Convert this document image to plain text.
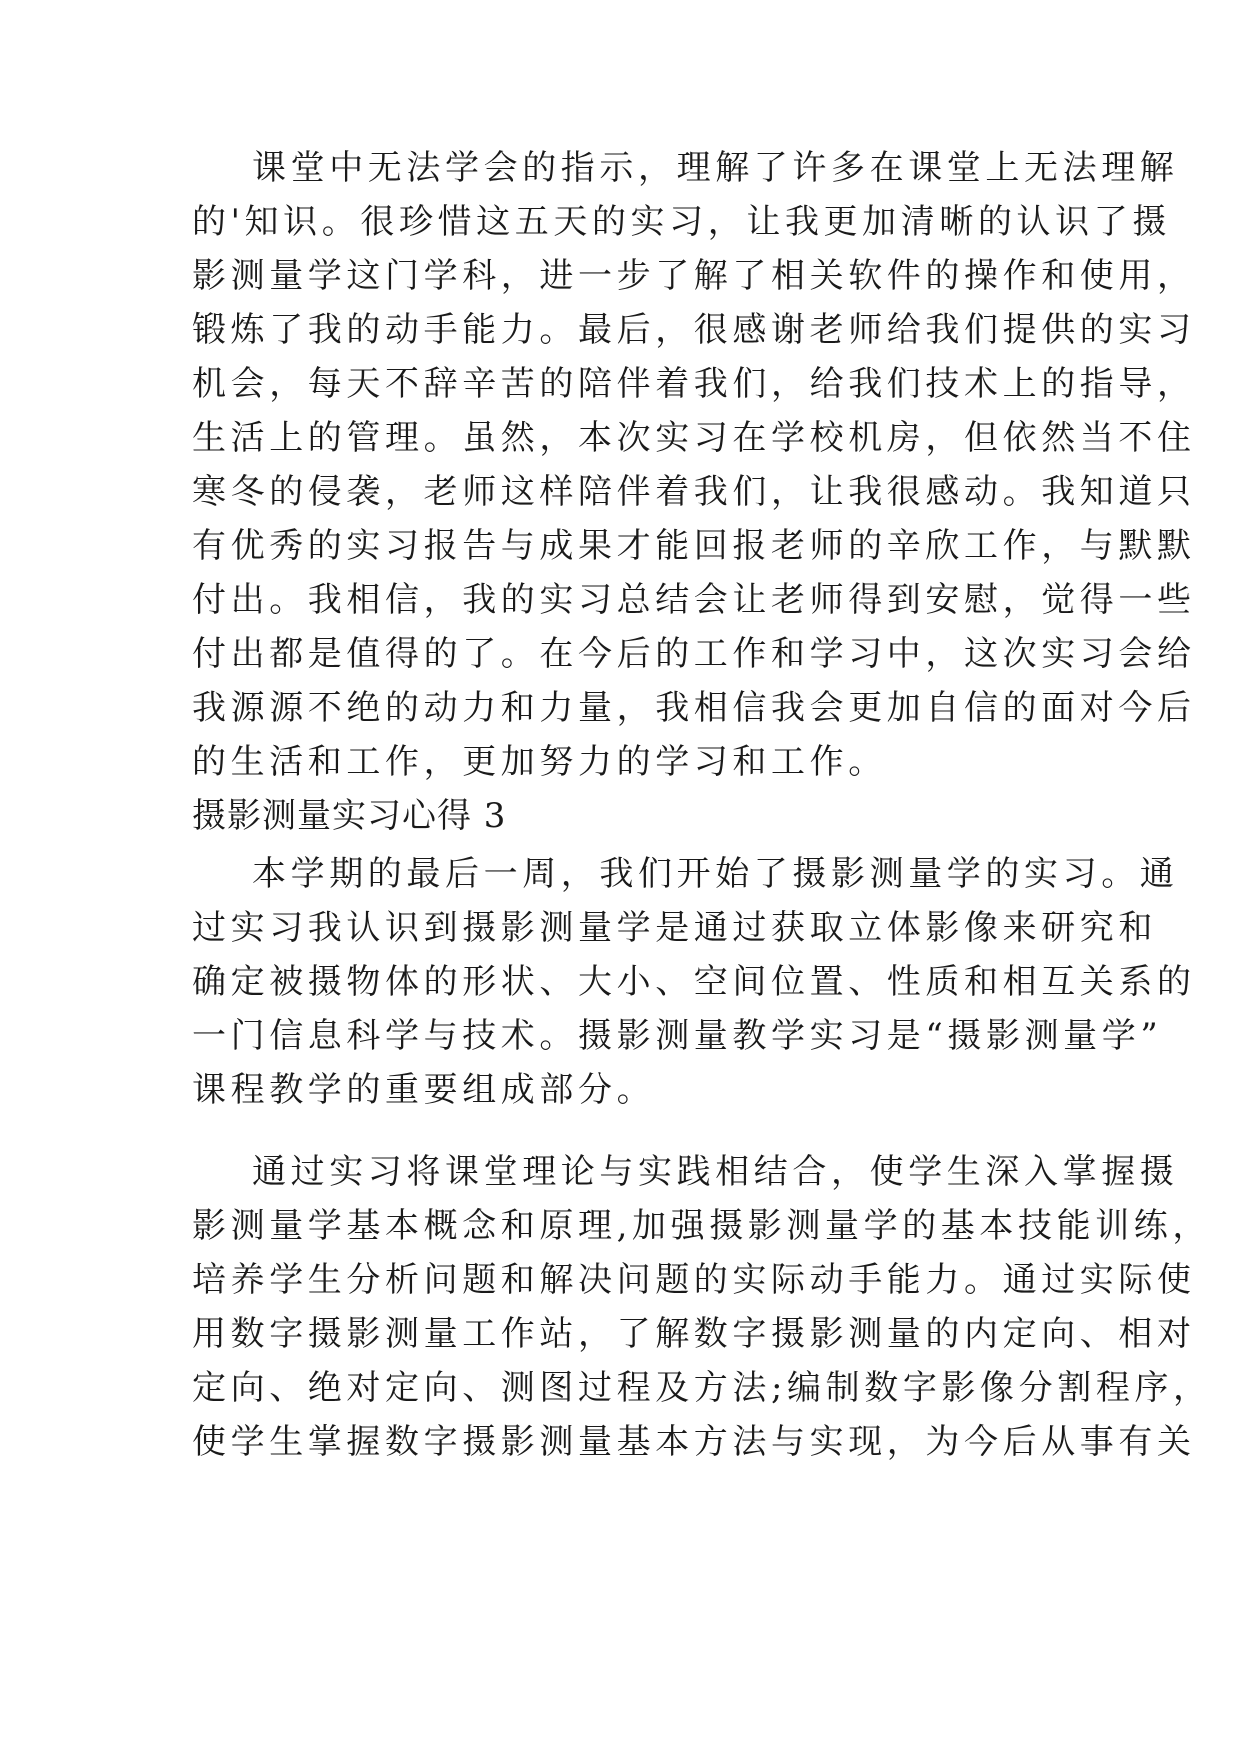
课堂中无法学会的指示，理解了许多在课堂上无法理解
的'知识。很珍惜这五天的实习，让我更加清晰的认识了摄
影测量学这门学科，进一步了解了相关软件的操作和使用，
锻炼了我的动手能力。最后，很感谢老师给我们提供的实习
机会，每天不辞辛苦的陪伴着我们，给我们技术上的指导，
生活上的管理。虽然，本次实习在学校机房，但依然当不住
寒冬的侵袭，老师这样陪伴着我们，让我很感动。我知道只
有优秀的实习报告与成果才能回报老师的辛欣工作，与默默
付出。我相信，我的实习总结会让老师得到安慰，觉得一些
付出都是值得的了。在今后的工作和学习中，这次实习会给
我源源不绝的动力和力量，我相信我会更加自信的面对今后
的生活和工作，更加努力的学习和工作。
摄影测量实习心得 3
本学期的最后一周，我们开始了摄影测量学的实习。通
过实习我认识到摄影测量学是通过获取立体影像来研究和
确定被摄物体的形状、大小、空间位置、性质和相互关系的
一门信息科学与技术。摄影测量教学实习是“摄影测量学”
课程教学的重要组成部分。
通过实习将课堂理论与实践相结合，使学生深入掌握摄
影测量学基本概念和原理,加强摄影测量学的基本技能训练，
培养学生分析问题和解决问题的实际动手能力。通过实际使
用数字摄影测量工作站，了解数字摄影测量的内定向、相对
定向、绝对定向、测图过程及方法;编制数字影像分割程序，
使学生掌握数字摄影测量基本方法与实现，为今后从事有关
